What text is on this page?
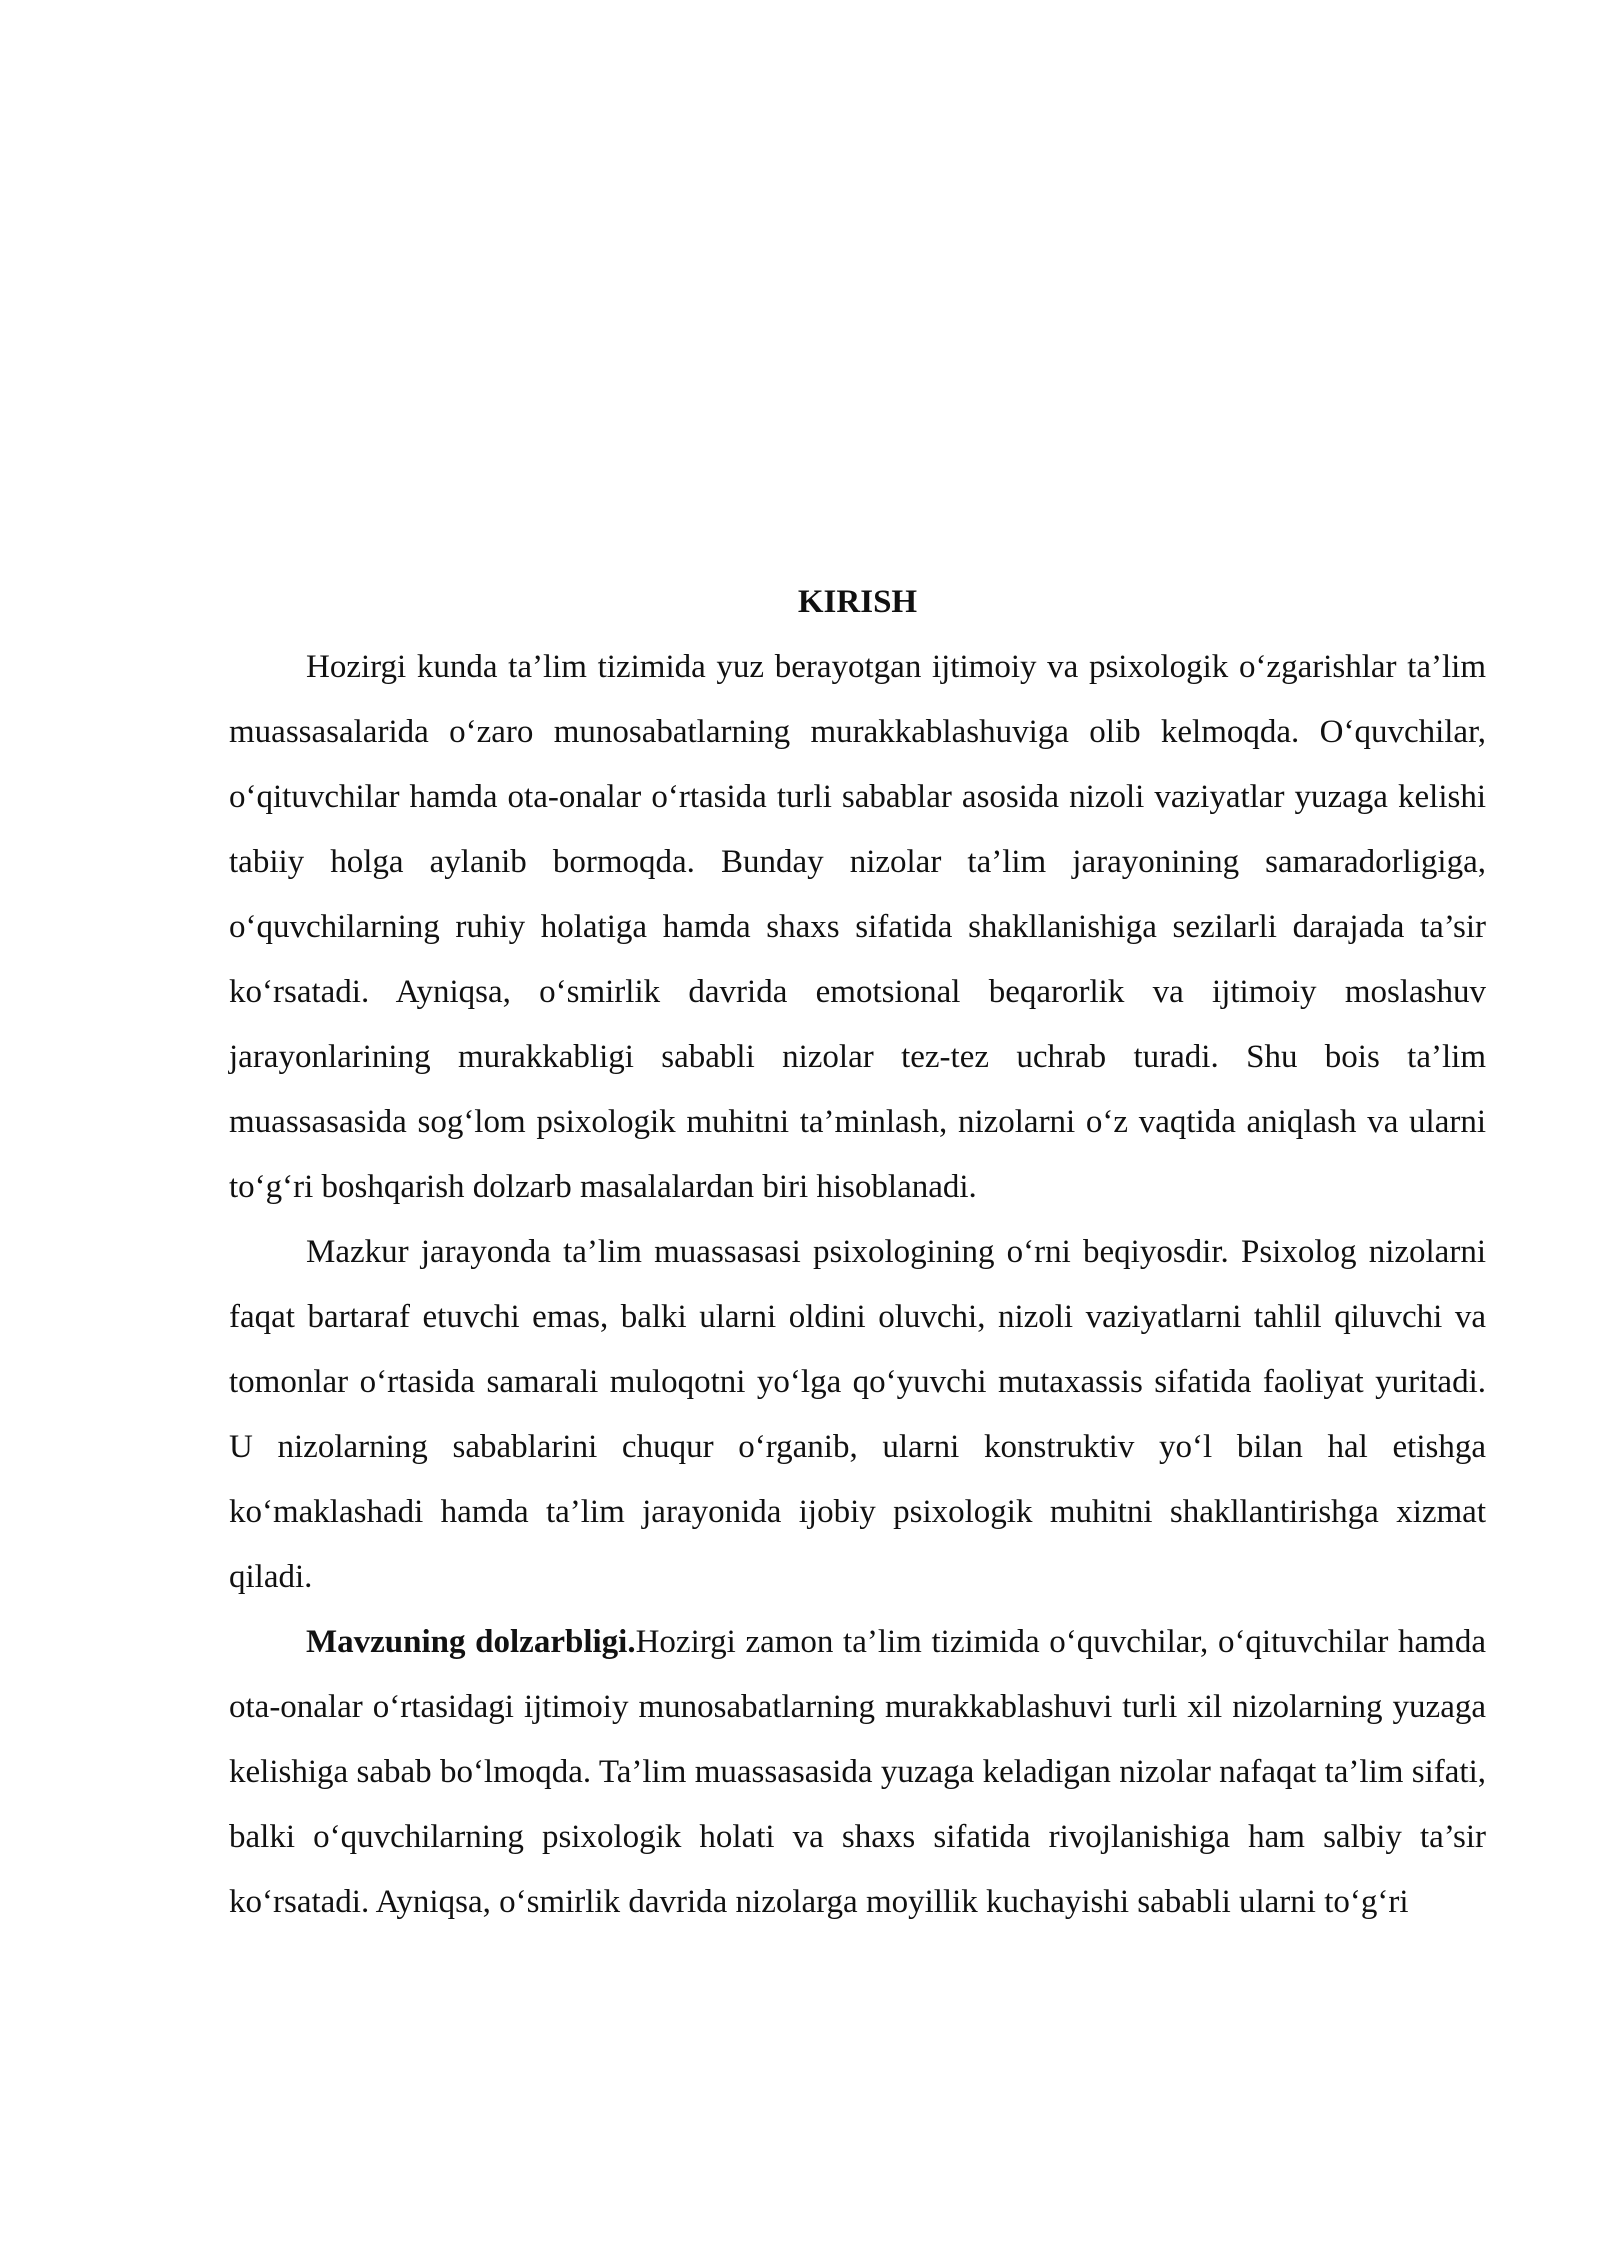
KIRISH

Hozirgi kunda ta’lim tizimida yuz berayotgan ijtimoiy va psixologik o‘zgarishlar ta’lim muassasalarida o‘zaro munosabatlarning murakkablashuviga olib kelmoqda. O‘quvchilar, o‘qituvchilar hamda ota-onalar o‘rtasida turli sabablar asosida nizoli vaziyatlar yuzaga kelishi tabiiy holga aylanib bormoqda. Bunday nizolar ta’lim jarayonining samaradorligiga, o‘quvchilarning ruhiy holatiga hamda shaxs sifatida shakllanishiga sezilarli darajada ta’sir ko‘rsatadi. Ayniqsa, o‘smirlik davrida emotsional beqarorlik va ijtimoiy moslashuv jarayonlarining murakkabligi sababli nizolar tez-tez uchrab turadi. Shu bois ta’lim muassasasida sog‘lom psixologik muhitni ta’minlash, nizolarni o‘z vaqtida aniqlash va ularni to‘g‘ri boshqarish dolzarb masalalardan biri hisoblanadi.

Mazkur jarayonda ta’lim muassasasi psixologining o‘rni beqiyosdir. Psixolog nizolarni faqat bartaraf etuvchi emas, balki ularni oldini oluvchi, nizoli vaziyatlarni tahlil qiluvchi va tomonlar o‘rtasida samarali muloqotni yo‘lga qo‘yuvchi mutaxassis sifatida faoliyat yuritadi. U nizolarning sabablarini chuqur o‘rganib, ularni konstruktiv yo‘l bilan hal etishga ko‘maklashadi hamda ta’lim jarayonida ijobiy psixologik muhitni shakllantirishga xizmat qiladi.

Mavzuning dolzarbligi.Hozirgi zamon ta’lim tizimida o‘quvchilar, o‘qituvchilar hamda ota-onalar o‘rtasidagi ijtimoiy munosabatlarning murakkablashuvi turli xil nizolarning yuzaga kelishiga sabab bo‘lmoqda. Ta’lim muassasasida yuzaga keladigan nizolar nafaqat ta’lim sifati, balki o‘quvchilarning psixologik holati va shaxs sifatida rivojlanishiga ham salbiy ta’sir ko‘rsatadi. Ayniqsa, o‘smirlik davrida nizolarga moyillik kuchayishi sababli ularni to‘g‘ri
